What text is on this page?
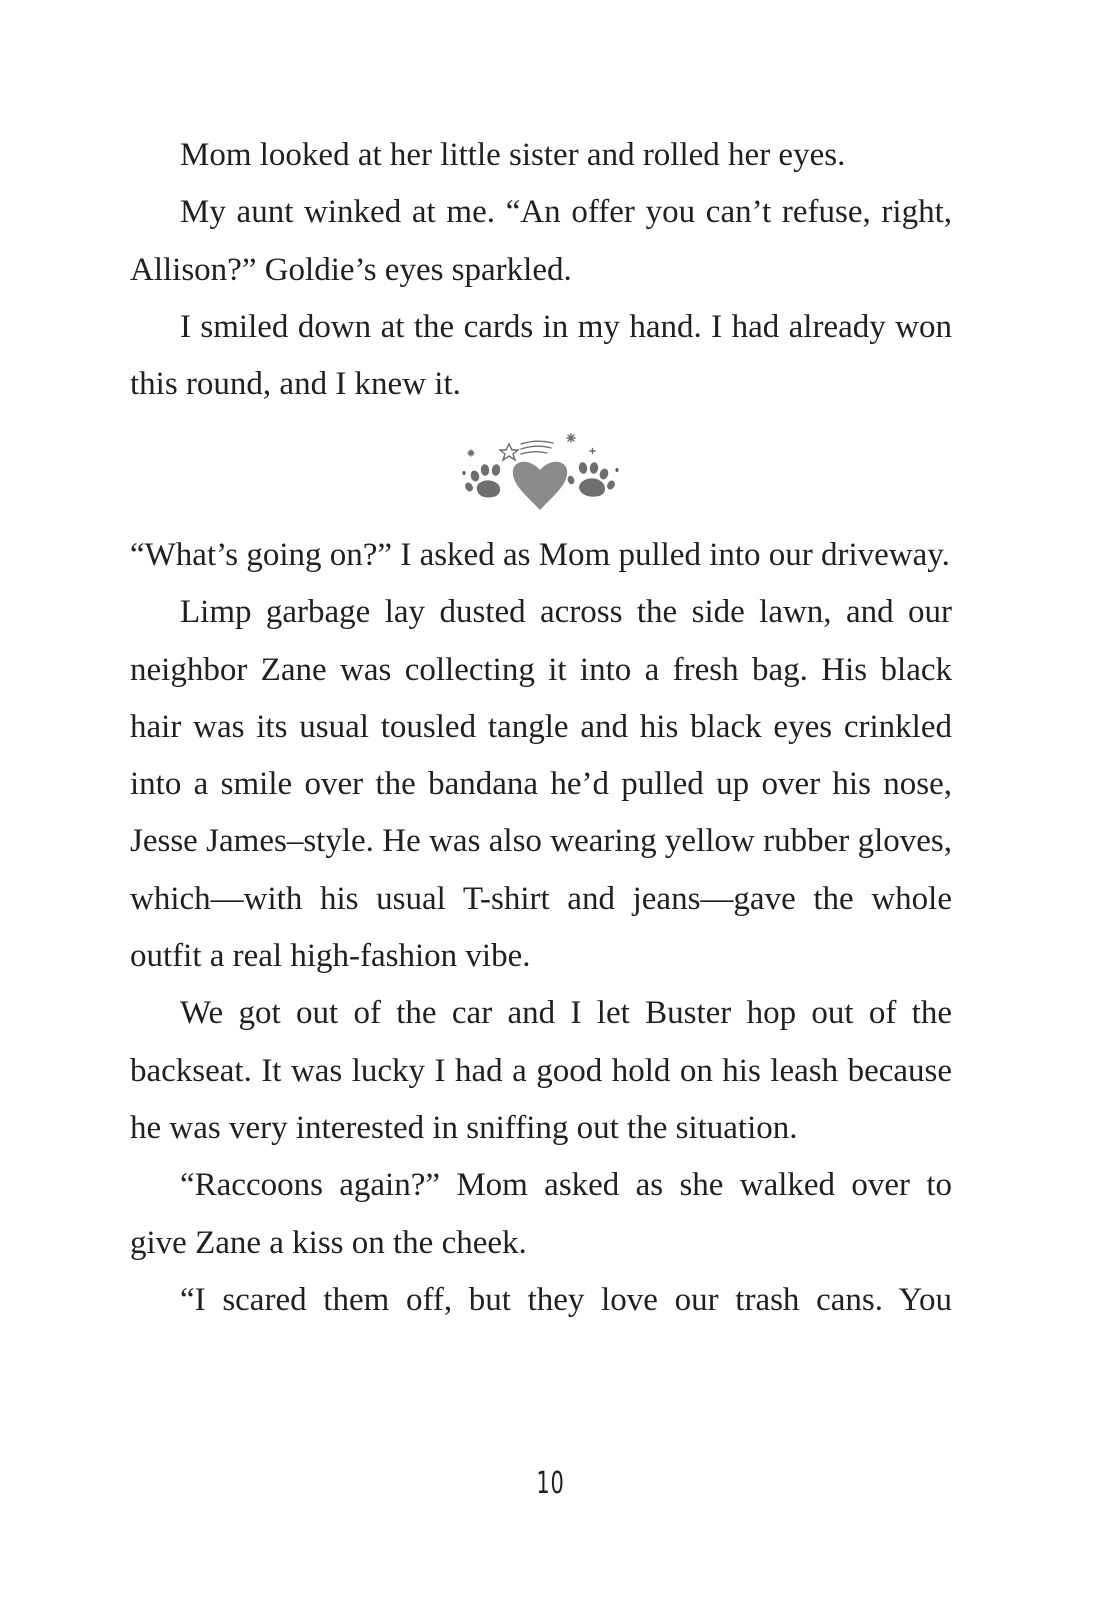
Mom looked at her little sister and rolled her eyes.

My aunt winked at me. “An offer you can’t refuse, right, Allison?” Goldie’s eyes sparkled.

I smiled down at the cards in my hand. I had already won this round, and I knew it.

“What’s going on?” I asked as Mom pulled into our driveway.

Limp garbage lay dusted across the side lawn, and our neighbor Zane was collecting it into a fresh bag. His black hair was its usual tousled tangle and his black eyes crinkled into a smile over the bandana he’d pulled up over his nose, Jesse James–style. He was also wearing yellow rubber gloves, which—with his usual T-shirt and jeans—gave the whole outfit a real high-fashion vibe.

We got out of the car and I let Buster hop out of the backseat. It was lucky I had a good hold on his leash because he was very interested in sniffing out the situation.

“Raccoons again?” Mom asked as she walked over to give Zane a kiss on the cheek.

“I scared them off, but they love our trash cans. You

10
